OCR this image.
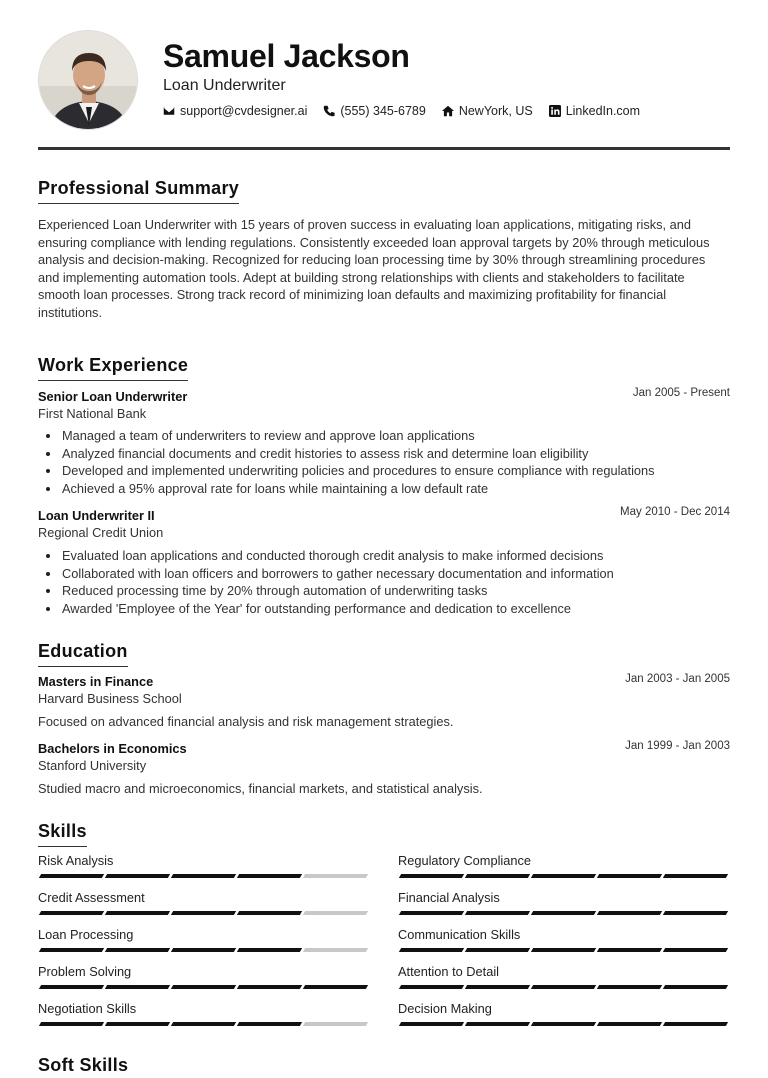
Samuel Jackson
Loan Underwriter
support@cvdesigner.ai	(555) 345-6789	NewYork, US	LinkedIn.com
Professional Summary
Experienced Loan Underwriter with 15 years of proven success in evaluating loan applications, mitigating risks, and ensuring compliance with lending regulations. Consistently exceeded loan approval targets by 20% through meticulous analysis and decision-making. Recognized for reducing loan processing time by 30% through streamlining procedures and implementing automation tools. Adept at building strong relationships with clients and stakeholders to facilitate smooth loan processes. Strong track record of minimizing loan defaults and maximizing profitability for financial institutions.
Work Experience
Senior Loan Underwriter	Jan 2005 - Present
First National Bank
Managed a team of underwriters to review and approve loan applications
Analyzed financial documents and credit histories to assess risk and determine loan eligibility
Developed and implemented underwriting policies and procedures to ensure compliance with regulations
Achieved a 95% approval rate for loans while maintaining a low default rate
Loan Underwriter II	May 2010 - Dec 2014
Regional Credit Union
Evaluated loan applications and conducted thorough credit analysis to make informed decisions
Collaborated with loan officers and borrowers to gather necessary documentation and information
Reduced processing time by 20% through automation of underwriting tasks
Awarded 'Employee of the Year' for outstanding performance and dedication to excellence
Education
Masters in Finance	Jan 2003 - Jan 2005
Harvard Business School
Focused on advanced financial analysis and risk management strategies.
Bachelors in Economics	Jan 1999 - Jan 2003
Stanford University
Studied macro and microeconomics, financial markets, and statistical analysis.
Skills
Risk Analysis	Regulatory Compliance
Credit Assessment	Financial Analysis
Loan Processing	Communication Skills
Problem Solving	Attention to Detail
Negotiation Skills	Decision Making
Soft Skills
